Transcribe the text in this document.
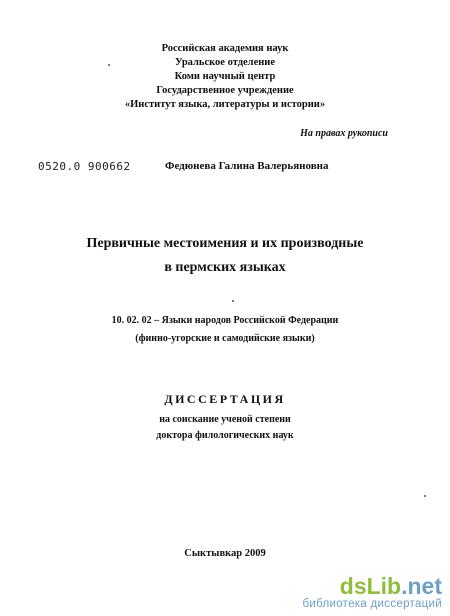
Российская академия наук
Уральское отделение
Коми научный центр
Государственное учреждение
«Институт языка, литературы и истории»
На правах рукописи
0520.0 900662	Федюнева Галина Валерьяновна
Первичные местоимения и их производные
в пермских языках
10. 02. 02 – Языки народов Российской Федерации
(финно-угорские и самодийские языки)
ДИССЕРТАЦИЯ
на соискание ученой степени
доктора филологических наук
Сыктывкар 2009
dsLib.net
библиотека диссертаций
